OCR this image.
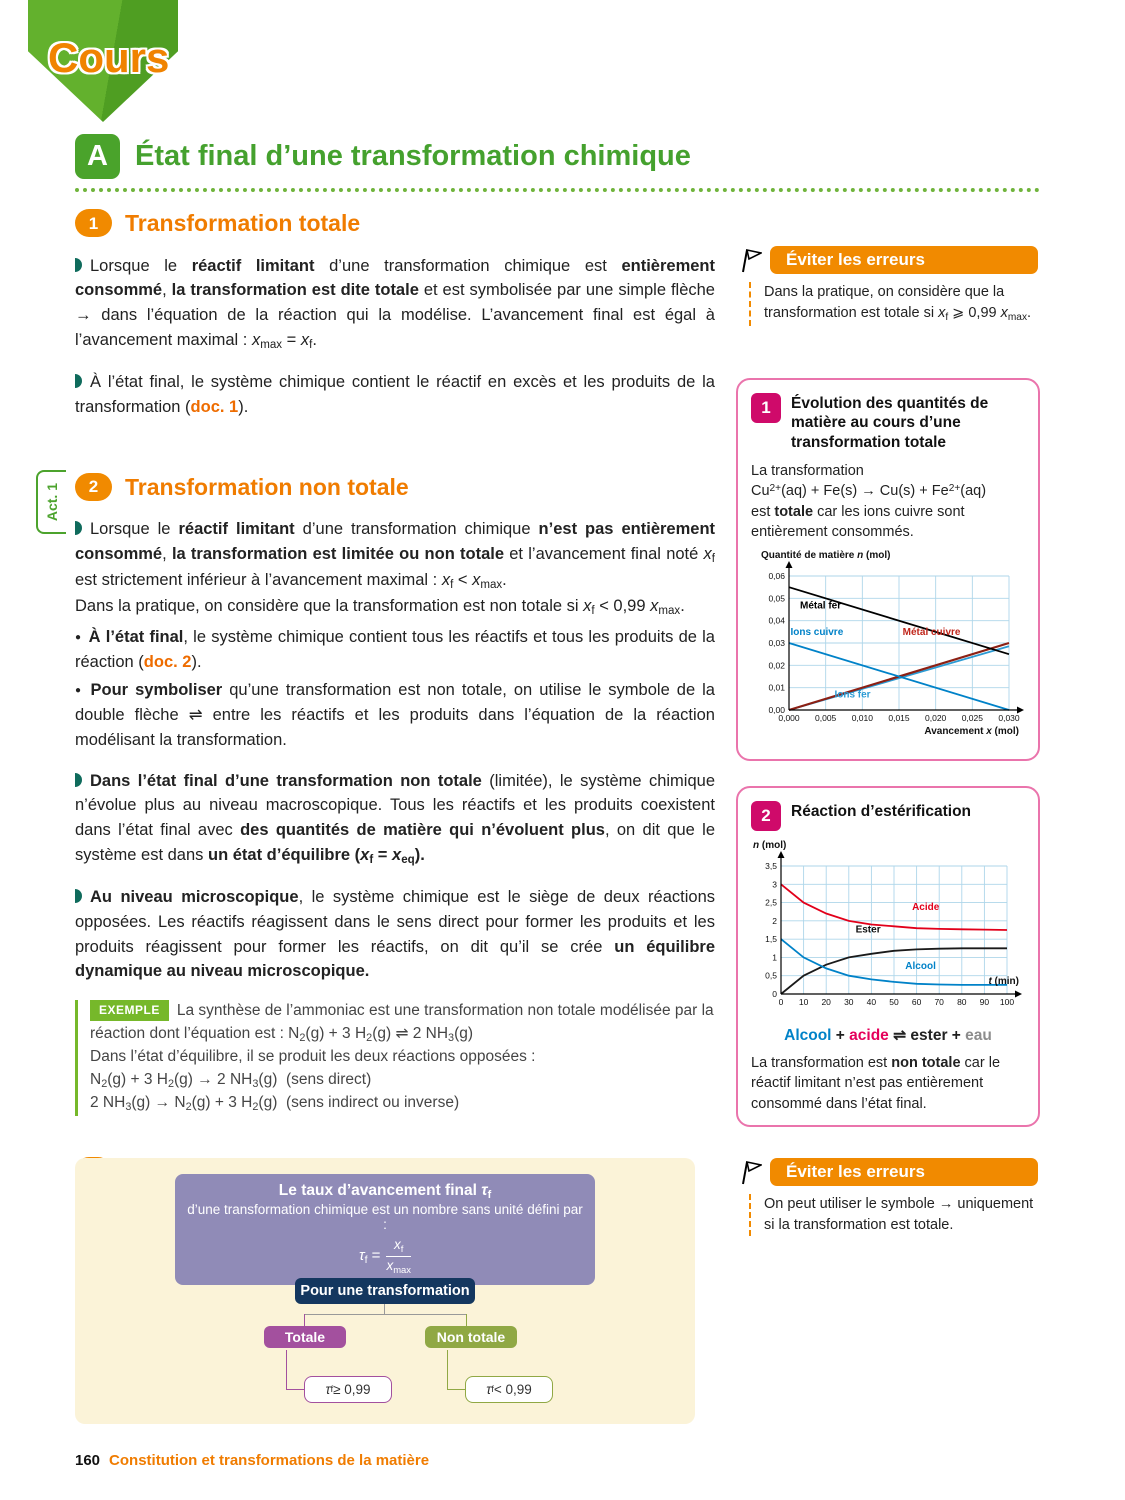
Cours
A État final d’une transformation chimique
Act. 1
1	Transformation totale

Lorsque le réactif limitant d’une transformation chimique est entièrement consommé, la transformation est dite totale et est symbolisée par une simple flèche → dans l’équation de la réaction qui la modélise. L’avancement final est égal à l’avancement maximal : $x_{max} = x_f$.

À l’état final, le système chimique contient le réactif en excès et les produits de la transformation (doc. 1).

2	Transformation non totale

Lorsque le réactif limitant d’une transformation chimique n’est pas entièrement consommé, la transformation est limitée ou non totale et l’avancement final noté $x_f$ est strictement inférieur à l’avancement maximal : $x_f < x_{max}$.
Dans la pratique, on considère que la transformation est non totale si $x_f < 0,99$ $x_{max}$.

● À l’état final, le système chimique contient tous les réactifs et tous les produits de la réaction (doc. 2).

● Pour symboliser qu’une transformation est non totale, on utilise le symbole de la double flèche ⇌ entre les réactifs et les produits dans l’équation de la réaction modélisant la transformation.

Dans l’état final d’une transformation non totale (limitée), le système chimique n’évolue plus au niveau macroscopique. Tous les réactifs et les produits coexistent dans l’état final avec des quantités de matière qui n’évoluent plus, on dit que le système est dans un état d’équilibre $(x_f = x_{eq})$.

Au niveau microscopique, le système chimique est le siège de deux réactions opposées. Les réactifs réagissent dans le sens direct pour former les produits et les produits réagissent pour former les réactifs, on dit qu’il se crée un équilibre dynamique au niveau microscopique.

EXEMPLE La synthèse de l’ammoniac est une transformation non totale modélisée par la réaction dont l’équation est : $N_2(g) + 3$ $H_2(g)$ ⇌ 2 $NH_3(g)$
Dans l’état d’équilibre, il se produit les deux réactions opposées :
$N_2(g) + 3$ $H_2(g) \to 2$ $NH_3(g)$  (sens direct)
2 $NH_3(g) \to N_2(g) + 3$ $H_2(g)$  (sens indirect ou inverse)
Éviter les erreurs
Dans la pratique, on considère que la transformation est totale si $x_f$ ⩾ 0,99 $x_{max}$.
1	Évolution des quantités de matière au cours d’une transformation totale
La transformation
$Cu^{2+}(aq) + Fe(s) \to Cu(s) + Fe^{2+}(aq)$
est totale car les ions cuivre sont entièrement consommés.
0,000 0,005 0,010 0,015 0,020 0,025 0,030
0,00
0,01
0,02
0,03
0,04
0,05
0,06
Métal fer
Ions cuivre	Métal cuivre
Ions fer
Quantité de matière n (mol)
Avancement x (mol)
2	Réaction d’estérification
0 10 20 30 40 50 60 70 80 90 100
0
0,5
1
1,5
2
2,5
3
3,5
Acide
Ester
Alcool
n (mol)
t (min)
Alcool + acide ⇌ ester + eau
La transformation est non totale car le réactif limitant n’est pas entièrement consommé dans l’état final.
Le taux d’avancement final $\tau_f$
d’une transformation chimique est un nombre sans unité défini par :
$\tau_f = \frac{x_f}{x_{max}}$
Pour une transformation
Totale	Non totale
τ f ≥ 0,99	τ f < 0,99
Éviter les erreurs
On peut utiliser le symbole → uniquement si la transformation est totale.
160 Constitution et transformations de la matière
